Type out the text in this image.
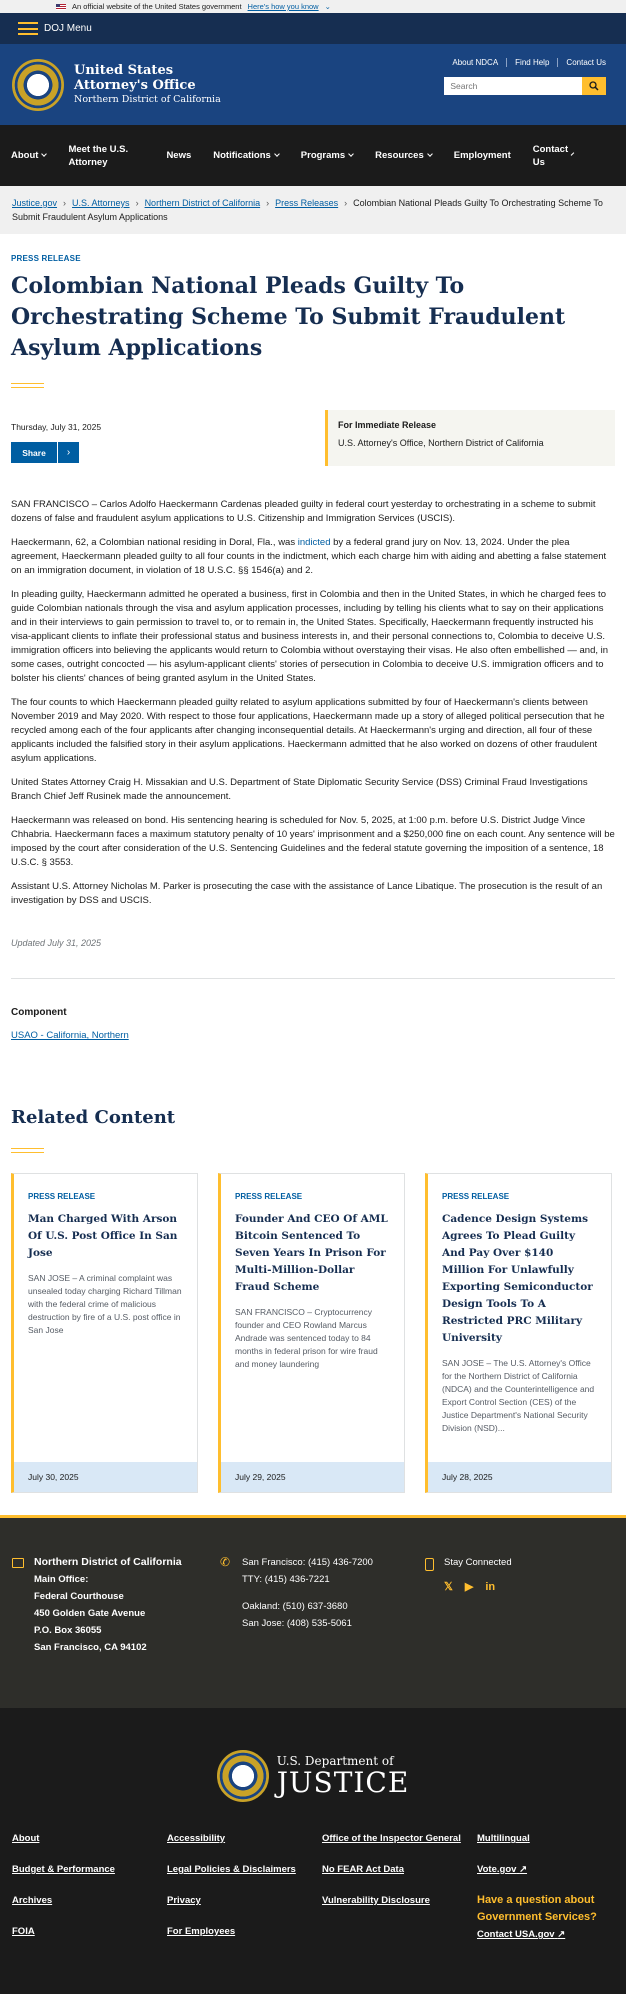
An official website of the United States government Here's how you know ⌄
DOJ Menu
United States
Attorney's Office
Northern District of California
About NDCA	Find Help	Contact Us
Search
About
Meet the U.S. Attorney
News Notifications	Programs	Resources	Employment
Contact Us
Justice.gov › U.S. Attorneys › Northern District of California › Press Releases › Colombian National Pleads Guilty To Orchestrating Scheme To Submit Fraudulent Asylum Applications
PRESS RELEASE
Colombian National Pleads Guilty To Orchestrating Scheme To Submit Fraudulent Asylum Applications
Thursday, July 31, 2025
Share	›
For Immediate Release
U.S. Attorney's Office, Northern District of California

SAN FRANCISCO – Carlos Adolfo Haeckermann Cardenas pleaded guilty in federal court yesterday to orchestrating in a scheme to submit dozens of false and fraudulent asylum applications to U.S. Citizenship and Immigration Services (USCIS).

Haeckermann, 62, a Colombian national residing in Doral, Fla., was indicted by a federal grand jury on Nov. 13, 2024. Under the plea agreement, Haeckermann pleaded guilty to all four counts in the indictment, which each charge him with aiding and abetting a false statement on an immigration document, in violation of 18 U.S.C. §§ 1546(a) and 2.

In pleading guilty, Haeckermann admitted he operated a business, first in Colombia and then in the United States, in which he charged fees to guide Colombian nationals through the visa and asylum application processes, including by telling his clients what to say on their applications and in their interviews to gain permission to travel to, or to remain in, the United States. Specifically, Haeckermann frequently instructed his visa-applicant clients to inflate their professional status and business interests in, and their personal connections to, Colombia to deceive U.S. immigration officers into believing the applicants would return to Colombia without overstaying their visas. He also often embellished — and, in some cases, outright concocted — his asylum-applicant clients' stories of persecution in Colombia to deceive U.S. immigration officers and to bolster his clients' chances of being granted asylum in the United States.

The four counts to which Haeckermann pleaded guilty related to asylum applications submitted by four of Haeckermann's clients between November 2019 and May 2020. With respect to those four applications, Haeckermann made up a story of alleged political persecution that he recycled among each of the four applicants after changing inconsequential details. At Haeckermann's urging and direction, all four of these applicants included the falsified story in their asylum applications. Haeckermann admitted that he also worked on dozens of other fraudulent asylum applications.

United States Attorney Craig H. Missakian and U.S. Department of State Diplomatic Security Service (DSS) Criminal Fraud Investigations Branch Chief Jeff Rusinek made the announcement.

Haeckermann was released on bond. His sentencing hearing is scheduled for Nov. 5, 2025, at 1:00 p.m. before U.S. District Judge Vince Chhabria. Haeckermann faces a maximum statutory penalty of 10 years' imprisonment and a $250,000 fine on each count. Any sentence will be imposed by the court after consideration of the U.S. Sentencing Guidelines and the federal statute governing the imposition of a sentence, 18 U.S.C. § 3553.

Assistant U.S. Attorney Nicholas M. Parker is prosecuting the case with the assistance of Lance Libatique. The prosecution is the result of an investigation by DSS and USCIS.

Updated July 31, 2025
Component
USAO - California, Northern
Related Content
PRESS RELEASE
Man Charged With Arson Of U.S. Post Office In San Jose
SAN JOSE – A criminal complaint was unsealed today charging Richard Tillman with the federal crime of malicious destruction by fire of a U.S. post office in San Jose
July 30, 2025
PRESS RELEASE
Founder And CEO Of AML Bitcoin Sentenced To Seven Years In Prison For Multi-Million-Dollar Fraud Scheme
SAN FRANCISCO – Cryptocurrency founder and CEO Rowland Marcus Andrade was sentenced today to 84 months in federal prison for wire fraud and money laundering
July 29, 2025
PRESS RELEASE
Cadence Design Systems Agrees To Plead Guilty And Pay Over $140 Million For Unlawfully Exporting Semiconductor Design Tools To A Restricted PRC Military University
SAN JOSE – The U.S. Attorney's Office for the Northern District of California (NDCA) and the Counterintelligence and Export Control Section (CES) of the Justice Department's National Security Division (NSD)...
July 28, 2025
Northern District of California
Main Office:
Federal Courthouse
450 Golden Gate Avenue
P.O. Box 36055
San Francisco, CA 94102
✆ San Francisco: (415) 436-7200
TTY: (415) 436-7221
Oakland: (510) 637-3680
San Jose: (408) 535-5061
Stay Connected
𝕏 ▶ in
U.S. Department of
JUSTICE
About
Budget & Performance
Archives
FOIA
Accessibility
Legal Policies & Disclaimers
Privacy
For Employees
Office of the Inspector General
No FEAR Act Data
Vulnerability Disclosure
Multilingual
Vote.gov ↗
Have a question about Government Services?
Contact USA.gov ↗
